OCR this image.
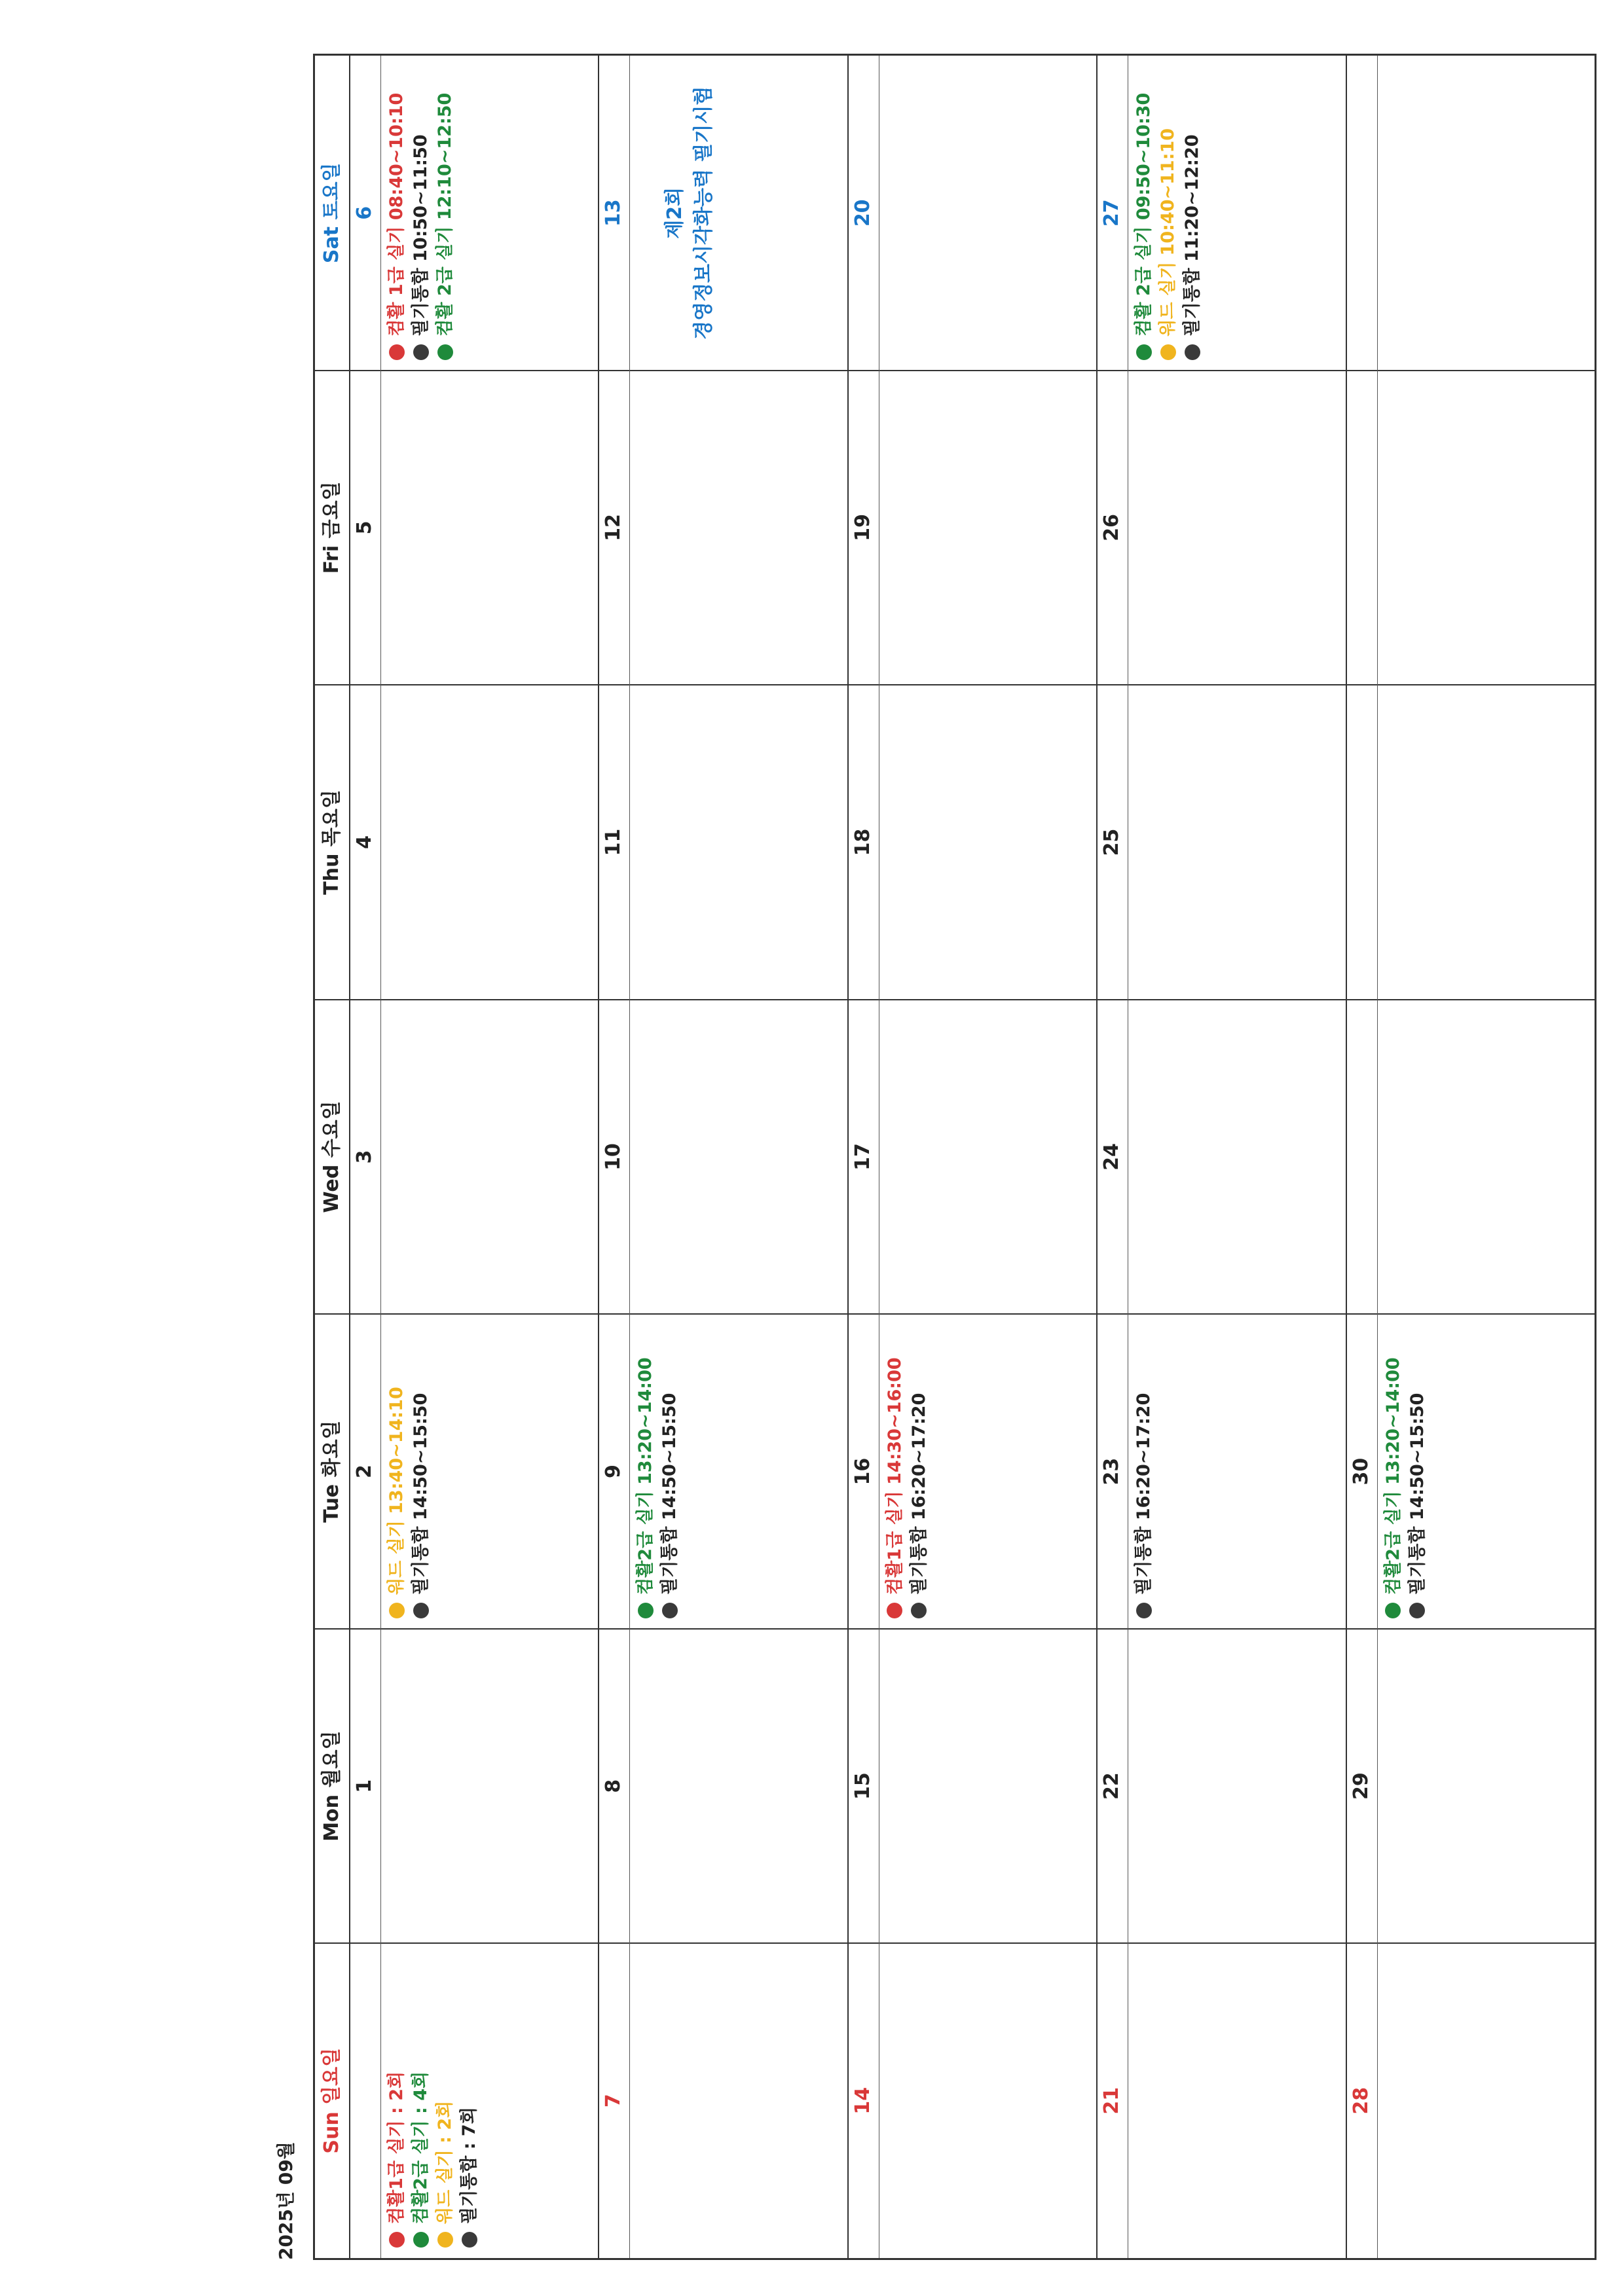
2025년 09월
Sun 일요일
Mon 월요일
Tue 화요일
Wed 수요일
Thu 목요일
Fri 금요일
Sat 토요일
컴활1급 실기 : 2회 컴활2급 실기 : 4회 워드 실기 : 2회 필기통합 : 7회
1
2 워드 실기 13:40~14:10 필기통합 14:50~15:50
3
4
5
6 컴활 1급 실기 08:40~10:10 필기통합 10:50~11:50 컴활 2급 실기 12:10~12:50
7
8
9 컴활2급 실기 13:20~14:00 필기통합 14:50~15:50
10
11
12
13 제2회 경영정보시각화능력 필기시험
14
15
16 컴활1급 실기 14:30~16:00 필기통합 16:20~17:20
17
18
19
20
21
22
23 필기통합 16:20~17:20
24
25
26
27 컴활 2급 실기 09:50~10:30 워드 실기 10:40~11:10 필기통합 11:20~12:20
28
29
30 컴활2급 실기 13:20~14:00 필기통합 14:50~15:50
